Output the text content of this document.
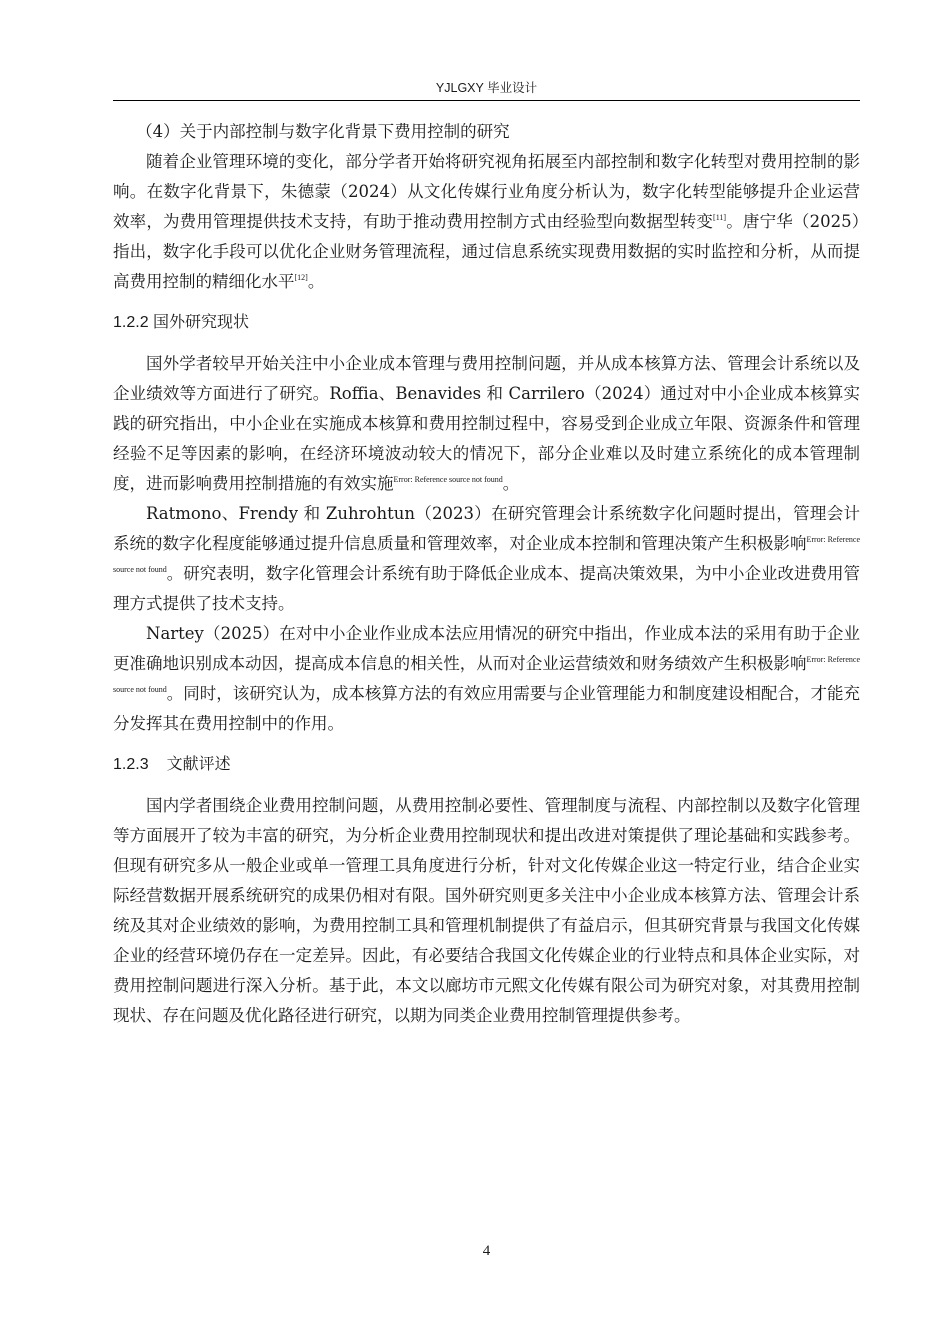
YJLGXY 毕业设计

（4）关于内部控制与数字化背景下费用控制的研究

随着企业管理环境的变化，部分学者开始将研究视角拓展至内部控制和数字化转型对费用控制的影响。在数字化背景下，朱德蒙（2024）从文化传媒行业角度分析认为，数字化转型能够提升企业运营效率，为费用管理提供技术支持，有助于推动费用控制方式由经验型向数据型转变[11]。唐宁华（2025）指出，数字化手段可以优化企业财务管理流程，通过信息系统实现费用数据的实时监控和分析，从而提高费用控制的精细化水平[12]。

1.2.2 国外研究现状

国外学者较早开始关注中小企业成本管理与费用控制问题，并从成本核算方法、管理会计系统以及企业绩效等方面进行了研究。Roffia、Benavides 和 Carrilero（2024）通过对中小企业成本核算实践的研究指出，中小企业在实施成本核算和费用控制过程中，容易受到企业成立年限、资源条件和管理经验不足等因素的影响，在经济环境波动较大的情况下，部分企业难以及时建立系统化的成本管理制度，进而影响费用控制措施的有效实施$^{Error: Reference source not found}$。

Ratmono、Frendy 和 Zuhrohtun（2023）在研究管理会计系统数字化问题时提出，管理会计系统的数字化程度能够通过提升信息质量和管理效率，对企业成本控制和管理决策产生积极影响$^{Error: Reference source not found}$。研究表明，数字化管理会计系统有助于降低企业成本、提高决策效果，为中小企业改进费用管理方式提供了技术支持。

Nartey（2025）在对中小企业作业成本法应用情况的研究中指出，作业成本法的采用有助于企业更准确地识别成本动因，提高成本信息的相关性，从而对企业运营绩效和财务绩效产生积极影响$^{Error: Reference source not found}$。同时，该研究认为，成本核算方法的有效应用需要与企业管理能力和制度建设相配合，才能充分发挥其在费用控制中的作用。

1.2.3 文献评述

国内学者围绕企业费用控制问题，从费用控制必要性、管理制度与流程、内部控制以及数字化管理等方面展开了较为丰富的研究，为分析企业费用控制现状和提出改进对策提供了理论基础和实践参考。但现有研究多从一般企业或单一管理工具角度进行分析，针对文化传媒企业这一特定行业，结合企业实际经营数据开展系统研究的成果仍相对有限。国外研究则更多关注中小企业成本核算方法、管理会计系统及其对企业绩效的影响，为费用控制工具和管理机制提供了有益启示，但其研究背景与我国文化传媒企业的经营环境仍存在一定差异。因此，有必要结合我国文化传媒企业的行业特点和具体企业实际，对费用控制问题进行深入分析。基于此，本文以廊坊市元熙文化传媒有限公司为研究对象，对其费用控制现状、存在问题及优化路径进行研究，以期为同类企业费用控制管理提供参考。

4
